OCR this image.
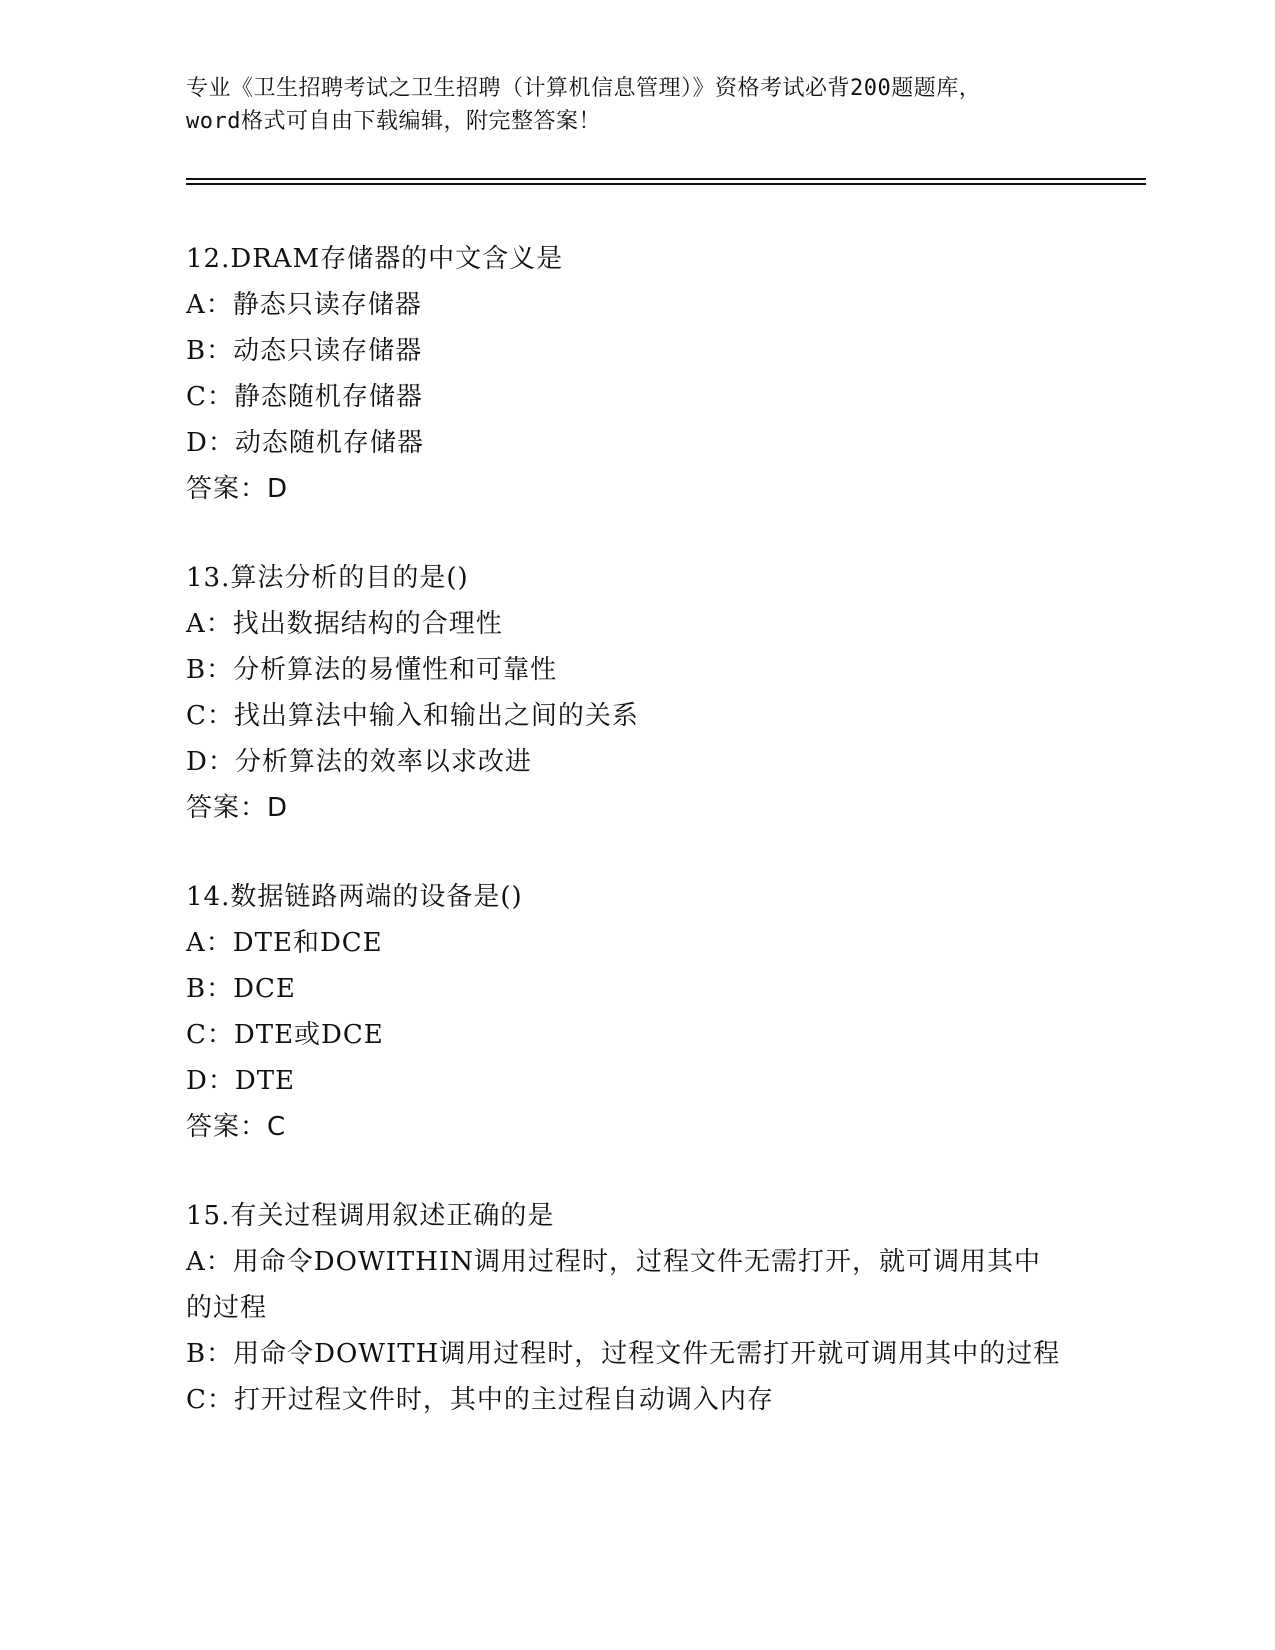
专业《卫生招聘考试之卫生招聘（计算机信息管理）》资格考试必背200题题库，
word格式可自由下载编辑，附完整答案！
12.DRAM存储器的中文含义是
A：静态只读存储器
B：动态只读存储器
C：静态随机存储器
D：动态随机存储器
答案：D
13.算法分析的目的是()
A：找出数据结构的合理性
B：分析算法的易懂性和可靠性
C：找出算法中输入和输出之间的关系
D：分析算法的效率以求改进
答案：D
14.数据链路两端的设备是()
A：DTE和DCE
B：DCE
C：DTE或DCE
D：DTE
答案：C
15.有关过程调用叙述正确的是
A：用命令DOWITHIN调用过程时，过程文件无需打开，就可调用其中的过程
B：用命令DOWITH调用过程时，过程文件无需打开就可调用其中的过程
C：打开过程文件时，其中的主过程自动调入内存
